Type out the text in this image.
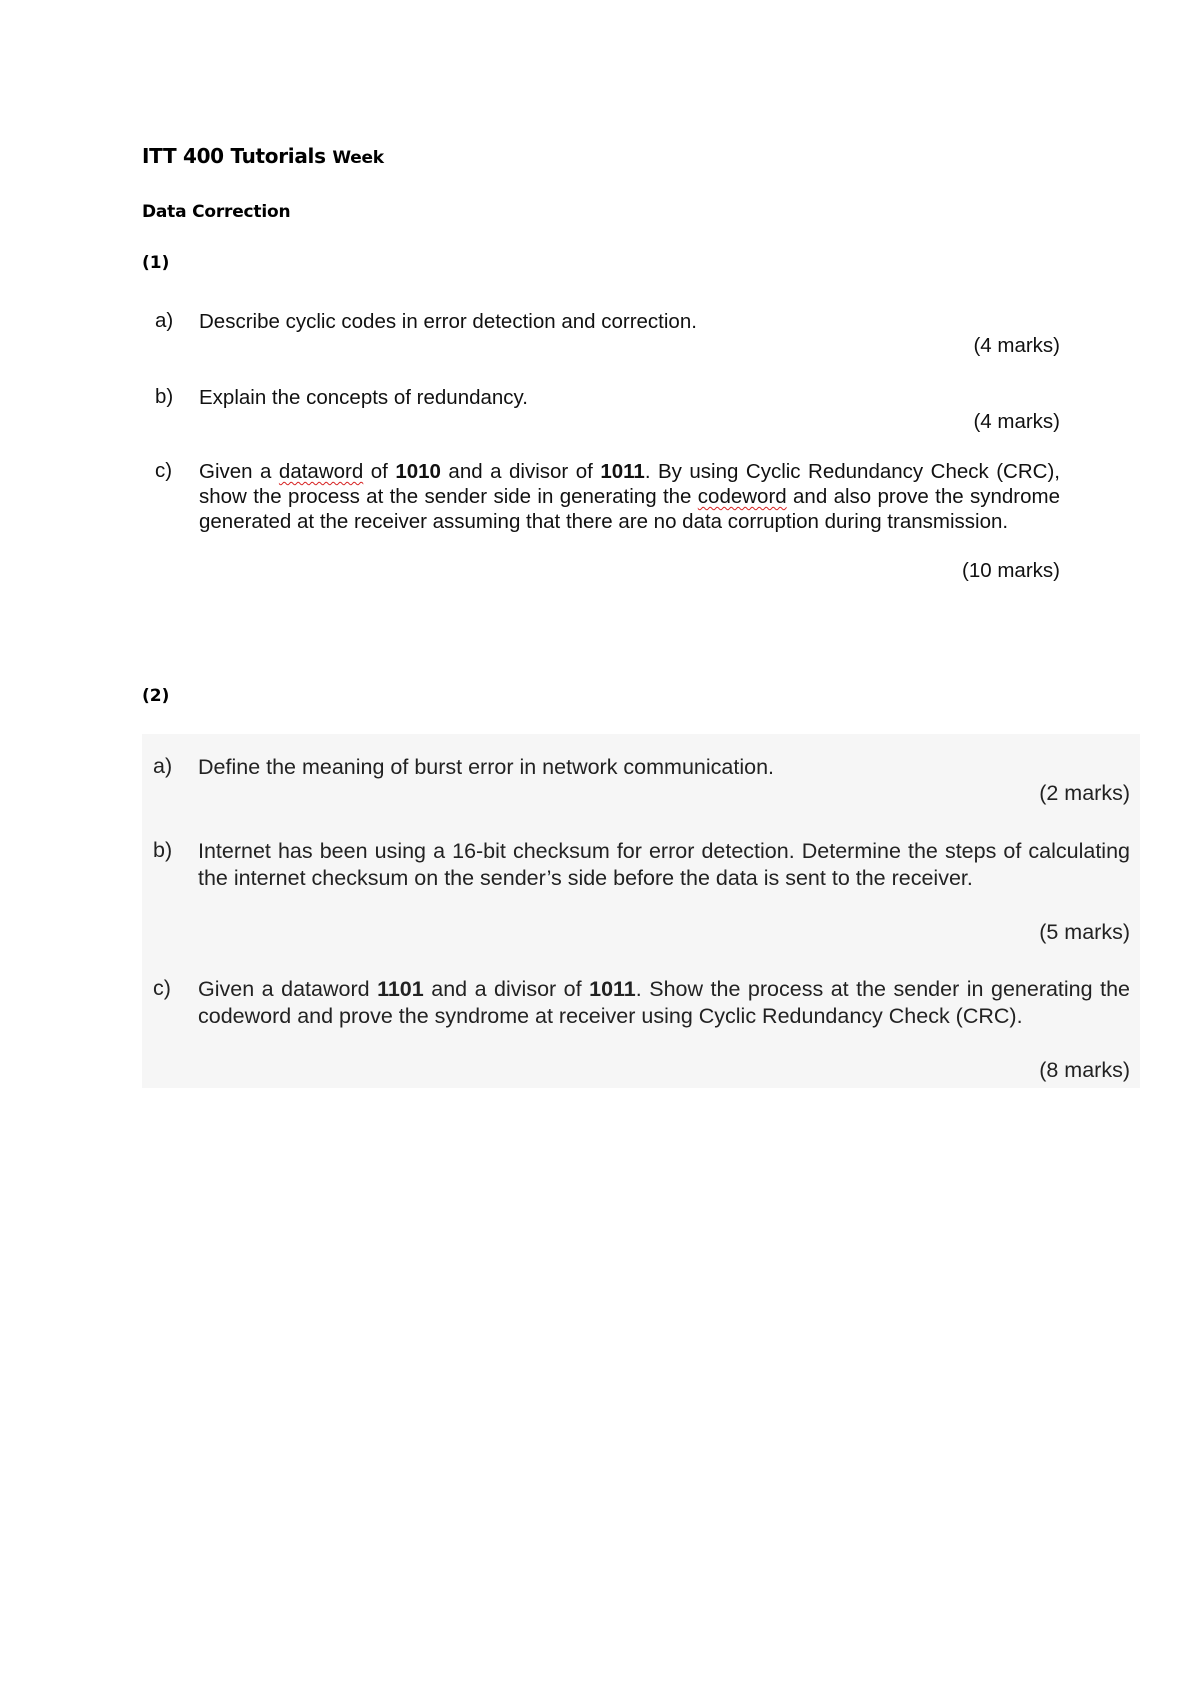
ITT 400 Tutorials Week
Data Correction
(1)
a) Describe cyclic codes in error detection and correction.
(4 marks)
b) Explain the concepts of redundancy.
(4 marks)
c) Given a dataword of 1010 and a divisor of 1011. By using Cyclic Redundancy Check (CRC), show the process at the sender side in generating the codeword and also prove the syndrome generated at the receiver assuming that there are no data corruption during transmission.
(10 marks)
(2)
a) Define the meaning of burst error in network communication.
(2 marks)
b) Internet has been using a 16-bit checksum for error detection. Determine the steps of calculating the internet checksum on the sender’s side before the data is sent to the receiver.
(5 marks)
c) Given a dataword 1101 and a divisor of 1011. Show the process at the sender in generating the codeword and prove the syndrome at receiver using Cyclic Redundancy Check (CRC).
(8 marks)
